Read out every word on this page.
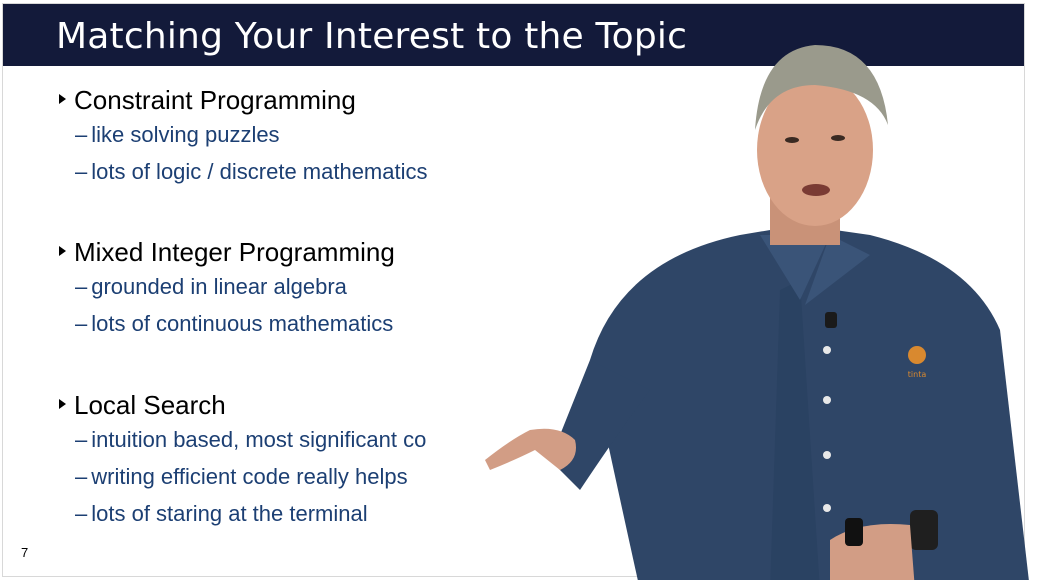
Matching Your Interest to the Topic
Constraint Programming
– like solving puzzles
– lots of logic / discrete mathematics
Mixed Integer Programming
– grounded in linear algebra
– lots of continuous mathematics
Local Search
– intuition based, most significant co
– writing efficient code really helps
– lots of staring at the terminal
7
tinta
